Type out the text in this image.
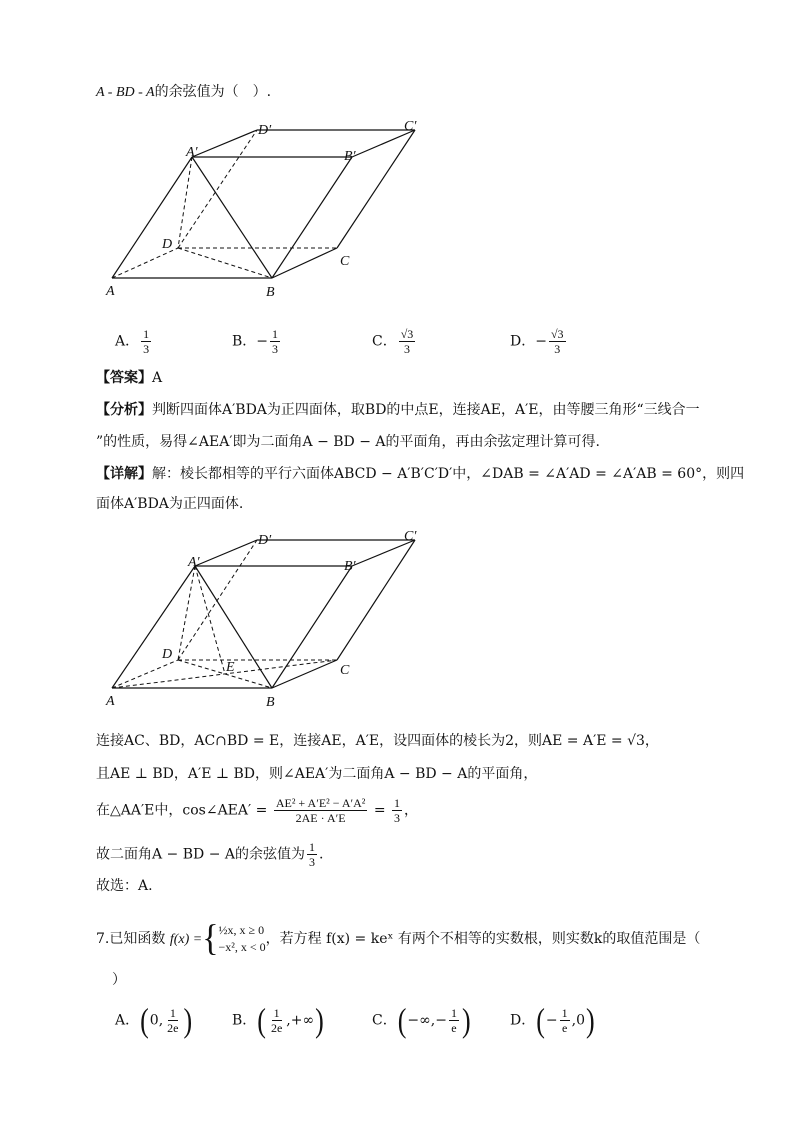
A - BD - A的余弦值为（　）.
A	B
C
D
A′	B′
C′
D′
A． $\frac{1}{3}$	B．− $\frac{1}{3}$	C． $\frac{√3}{3}$	D．− $\frac{√3}{3}$
【答案】A
【分析】判断四面体A′BDA为正四面体，取BD的中点E，连接AE，A′E，由等腰三角形“三线合一
”的性质，易得∠AEA′即为二面角A − BD − A的平面角，再由余弦定理计算可得.
【详解】解：棱长都相等的平行六面体ABCD − A′B′C′D′中，∠DAB = ∠A′AD = ∠A′AB = 60°，则四
面体A′BDA为正四面体.
A	B
C
D
E
A′	B′
C′
D′
连接AC、BD，AC∩BD = E，连接AE，A′E，设四面体的棱长为2，则AE = A′E = √3，
且AE ⊥ BD，A′E ⊥ BD，则∠AEA′为二面角A − BD − A的平面角，
在△AA′E中，cos∠AEA′ = $\frac{\text{AE² + A′E² − A′A²}}{2AE \cdot A'E} = \frac{1}{3}$ ，
故二面角A − BD − A的余弦值为 $\frac{1}{3}$ .
故选：A.
7.已知函数 f(x) ={ ½x, x ≥ 0
−x², x < 0 ，若方程 f(x) = keˣ 有两个不相等的实数根，则实数k的取值范围是（
）
A．(0, $\frac{1}{2e}$ )	B．( $\frac{1}{2e}$ ,+∞)	C．(−∞,− $\frac{1}{e}$ )	D．(− $\frac{1}{e} ,0$)
